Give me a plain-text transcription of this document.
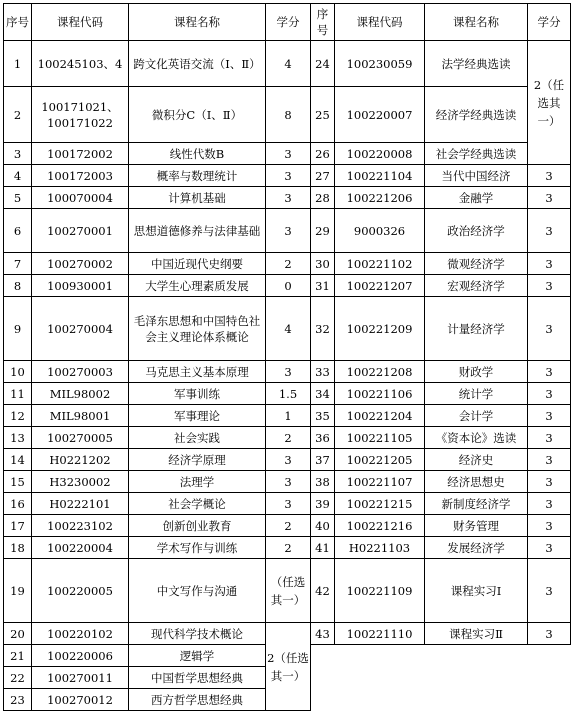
序号	课程代码	课程名称	学分	序号	课程代码	课程名称	学分
1	100245103、4	跨文化英语交流（Ⅰ、Ⅱ）	4	24	100230059	法学经典选读	2（任选其一）
2	100171021、100171022	微积分C（Ⅰ、Ⅱ）	8	25	100220007	经济学经典选读	
3	100172002	线性代数B	3	26	100220008	社会学经典选读	
4	100172003	概率与数理统计	3	27	100221104	当代中国经济	3
5	100070004	计算机基础	3	28	100221206	金融学	3
6	100270001	思想道德修养与法律基础	3	29	9000326	政治经济学	3
7	100270002	中国近现代史纲要	2	30	100221102	微观经济学	3
8	100930001	大学生心理素质发展	0	31	100221207	宏观经济学	3
9	100270004	毛泽东思想和中国特色社会主义理论体系概论	4	32	100221209	计量经济学	3
10	100270003	马克思主义基本原理	3	33	100221208	财政学	3
11	MIL98002	军事训练	1.5	34	100221106	统计学	3
12	MIL98001	军事理论	1	35	100221204	会计学	3
13	100270005	社会实践	2	36	100221105	《资本论》选读	3
14	H0221202	经济学原理	3	37	100221205	经济史	3
15	H3230002	法理学	3	38	100221107	经济思想史	3
16	H0222101	社会学概论	3	39	100221215	新制度经济学	3
17	100223102	创新创业教育	2	40	100221216	财务管理	3
18	100220004	学术写作与训练	2	41	H0221103	发展经济学	3
19	100220005	中文写作与沟通	（任选其一）	42	100221109	课程实习Ⅰ	3
20	100220102	现代科学技术概论	2（任选其一）	43	100221110	课程实习Ⅱ	3
21	100220006	逻辑学					
22	100270011	中国哲学思想经典					
23	100270012	西方哲学思想经典					
